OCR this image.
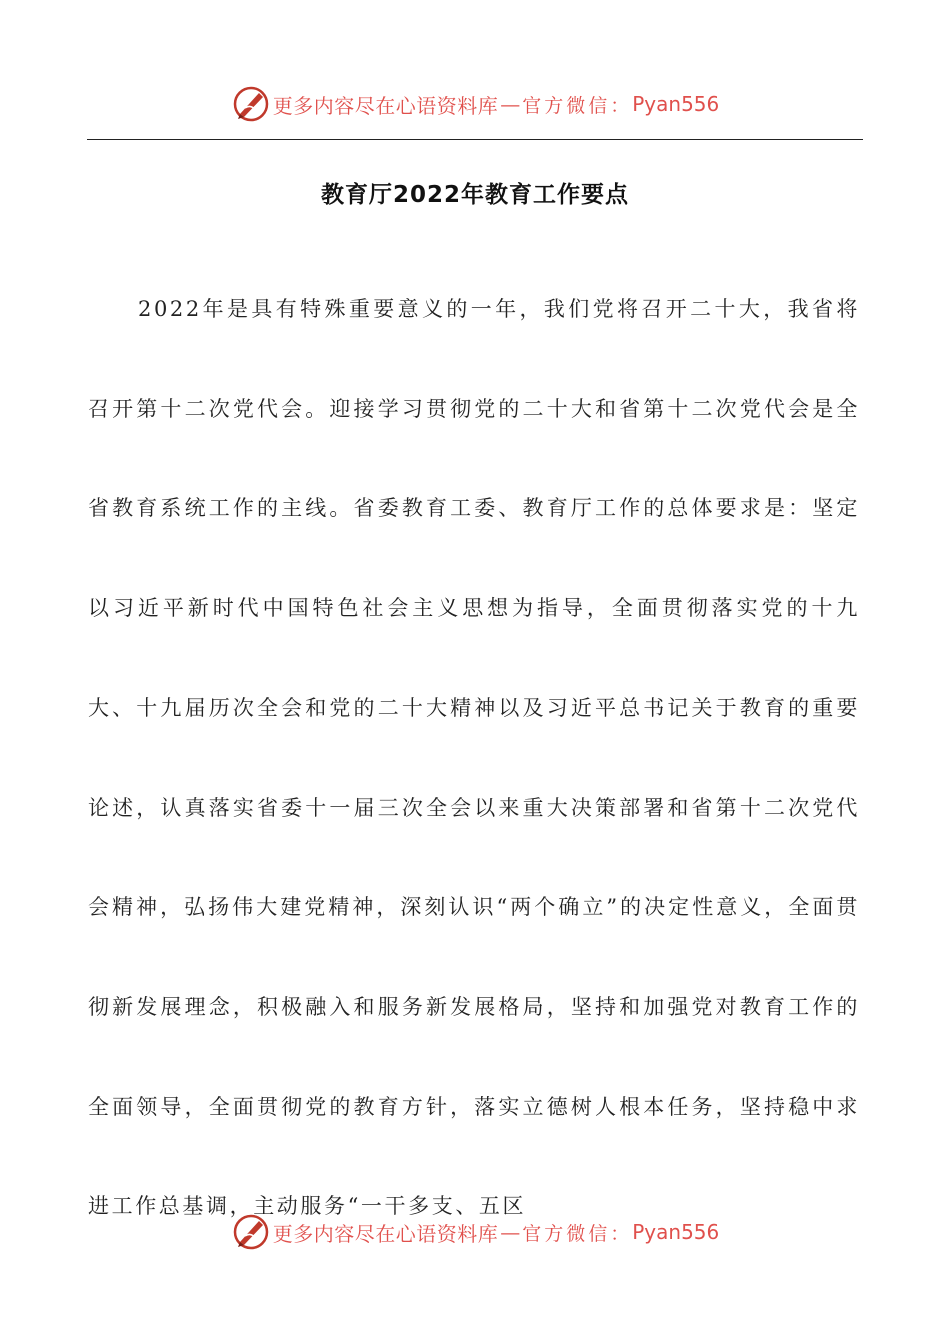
更多内容尽在心语资料库 — 官方微信： Pyan556
教育厅2022年教育工作要点

2022年是具有特殊重要意义的一年，我们党将召开二十大，我省将召开第十二次党代会。迎接学习贯彻党的二十大和省第十二次党代会是全省教育系统工作的主线。省委教育工委、教育厅工作的总体要求是：坚定以习近平新时代中国特色社会主义思想为指导，全面贯彻落实党的十九大、十九届历次全会和党的二十大精神以及习近平总书记关于教育的重要论述，认真落实省委十一届三次全会以来重大决策部署和省第十二次党代会精神，弘扬伟大建党精神，深刻认识“两个确立”的决定性意义，全面贯彻新发展理念，积极融入和服务新发展格局，坚持和加强党对教育工作的全面领导，全面贯彻党的教育方针，落实立德树人根本任务，坚持稳中求进工作总基调，主动服务“一干多支、五区

更多内容尽在心语资料库 — 官方微信： Pyan556
